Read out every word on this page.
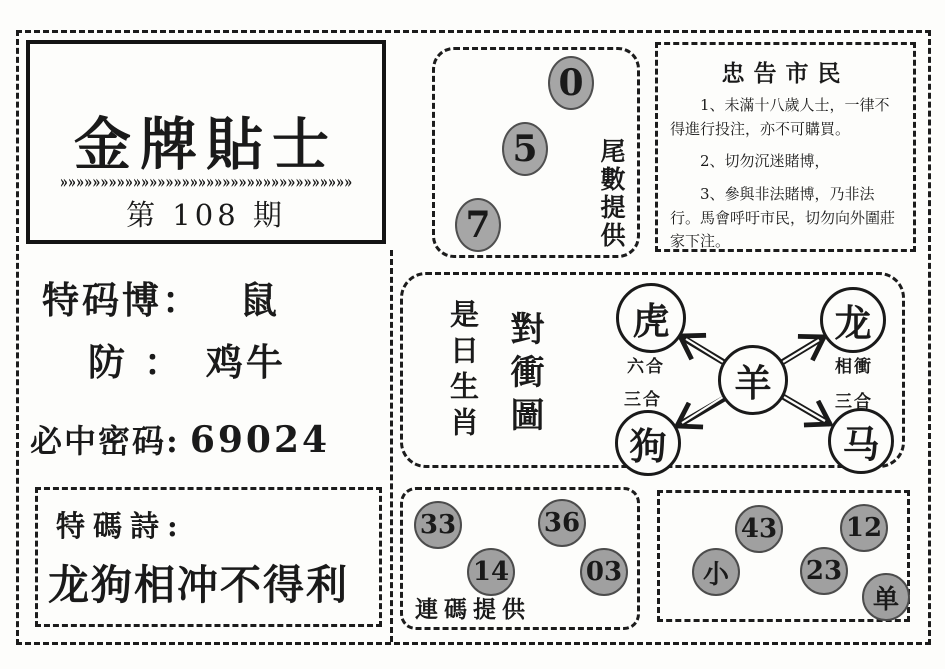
金牌貼士
»»»»»»»»»»»»»»»»»»»»»»»»»»»»»»»»»»»»
第 108 期
特码博： 鼠
防 ： 鸡牛
必中密码: 69024
0
5
7	尾數提供
忠告市民

1、未滿十八歲人士，一律不得進行投注，亦不可購買。

2、切勿沉迷賭博，

3、參與非法賭博，乃非法行。馬會呼吁市民，切勿向外圍莊家下注。

是日生肖 對衝圖	虎	龙
羊
狗	马
六合	相衝
三合	三合
特碼詩:
龙狗相冲不得利
33	36
14	03
連碼提供
43	12
小	23
单
